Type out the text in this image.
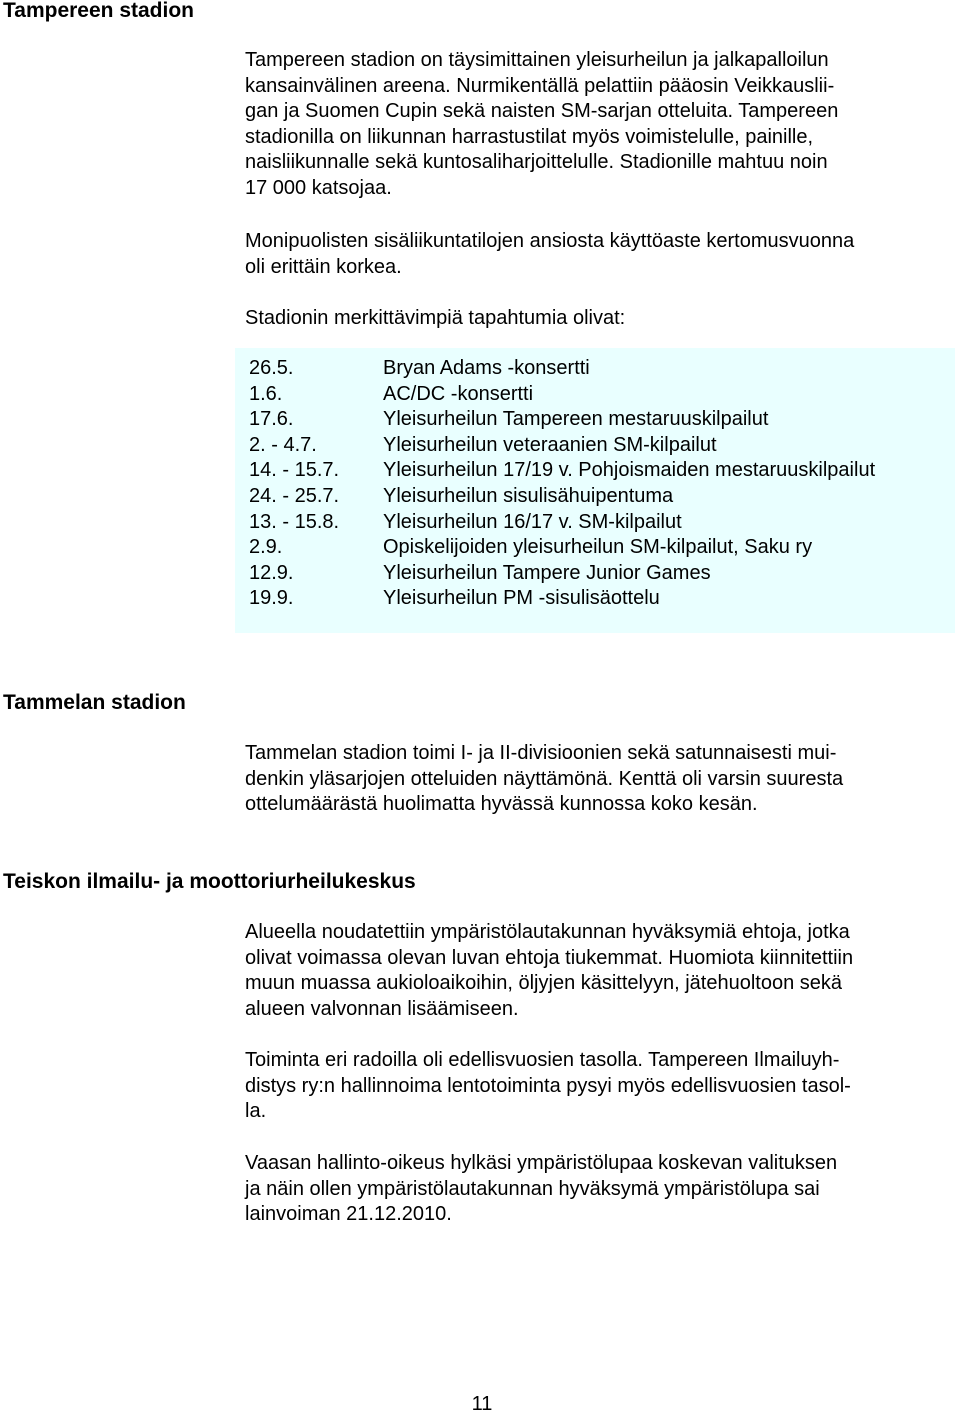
Tampereen stadion

Tampereen stadion on täysimittainen yleisurheilun ja jalkapalloilun
kansainvälinen areena. Nurmikentällä pelattiin pääosin Veikkauslii-
gan ja Suomen Cupin sekä naisten SM-sarjan otteluita. Tampereen
stadionilla on liikunnan harrastustilat myös voimistelulle, painille,
naisliikunnalle sekä kuntosaliharjoittelulle. Stadionille mahtuu noin
17 000 katsojaa.

Monipuolisten sisäliikuntatilojen ansiosta käyttöaste kertomusvuonna
oli erittäin korkea.

Stadionin merkittävimpiä tapahtumia olivat:

26.5.	Bryan Adams -konsertti
1.6.	AC/DC -konsertti
17.6.	Yleisurheilun Tampereen mestaruuskilpailut
2. - 4.7.	Yleisurheilun veteraanien SM-kilpailut
14. - 15.7. Yleisurheilun 17/19 v. Pohjoismaiden mestaruuskilpailut
24. - 25.7. Yleisurheilun sisulisähuipentuma
13. - 15.8. Yleisurheilun 16/17 v. SM-kilpailut
2.9.	Opiskelijoiden yleisurheilun SM-kilpailut, Saku ry
12.9.	Yleisurheilun Tampere Junior Games
19.9.	Yleisurheilun PM -sisulisäottelu
Tammelan stadion

Tammelan stadion toimi I- ja II-divisioonien sekä satunnaisesti mui-
denkin yläsarjojen otteluiden näyttämönä. Kenttä oli varsin suuresta
ottelumäärästä huolimatta hyvässä kunnossa koko kesän.

Teiskon ilmailu- ja moottoriurheilukeskus

Alueella noudatettiin ympäristölautakunnan hyväksymiä ehtoja, jotka
olivat voimassa olevan luvan ehtoja tiukemmat. Huomiota kiinnitettiin
muun muassa aukioloaikoihin, öljyjen käsittelyyn, jätehuoltoon sekä
alueen valvonnan lisäämiseen.

Toiminta eri radoilla oli edellisvuosien tasolla. Tampereen Ilmailuyh-
distys ry:n hallinnoima lentotoiminta pysyi myös edellisvuosien tasol-
la.

Vaasan hallinto-oikeus hylkäsi ympäristölupaa koskevan valituksen
ja näin ollen ympäristölautakunnan hyväksymä ympäristölupa sai
lainvoiman 21.12.2010.

11
